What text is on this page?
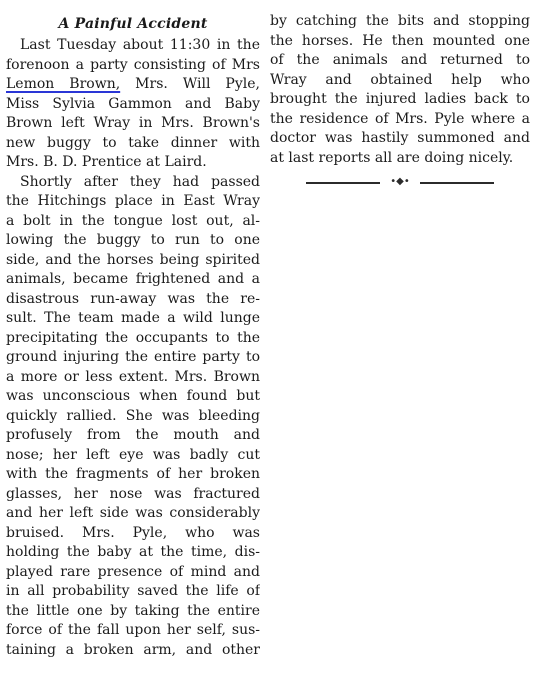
A Painful Accident
Last Tuesday about 11:30 in the
forenoon a party consisting of Mrs
Lemon Brown, Mrs. Will Pyle,
Miss Sylvia Gammon and Baby
Brown left Wray in Mrs. Brown's
new buggy to take dinner with
Mrs. B. D. Prentice at Laird.
Shortly after they had passed
the Hitchings place in East Wray
a bolt in the tongue lost out, al-
lowing the buggy to run to one
side, and the horses being spirited
animals, became frightened and a
disastrous run-away was the re-
sult. The team made a wild lunge
precipitating the occupants to the
ground injuring the entire party to
a more or less extent. Mrs. Brown
was unconscious when found but
quickly rallied. She was bleeding
profusely from the mouth and
nose; her left eye was badly cut
with the fragments of her broken
glasses, her nose was fractured
and her left side was considerably
bruised. Mrs. Pyle, who was
holding the baby at the time, dis-
played rare presence of mind and
in all probability saved the life of
the little one by taking the entire
force of the fall upon her self, sus-
taining a broken arm, and other
by catching the bits and stopping
the horses. He then mounted one
of the animals and returned to
Wray and obtained help who
brought the injured ladies back to
the residence of Mrs. Pyle where a
doctor was hastily summoned and
at last reports all are doing nicely.
•◆•
